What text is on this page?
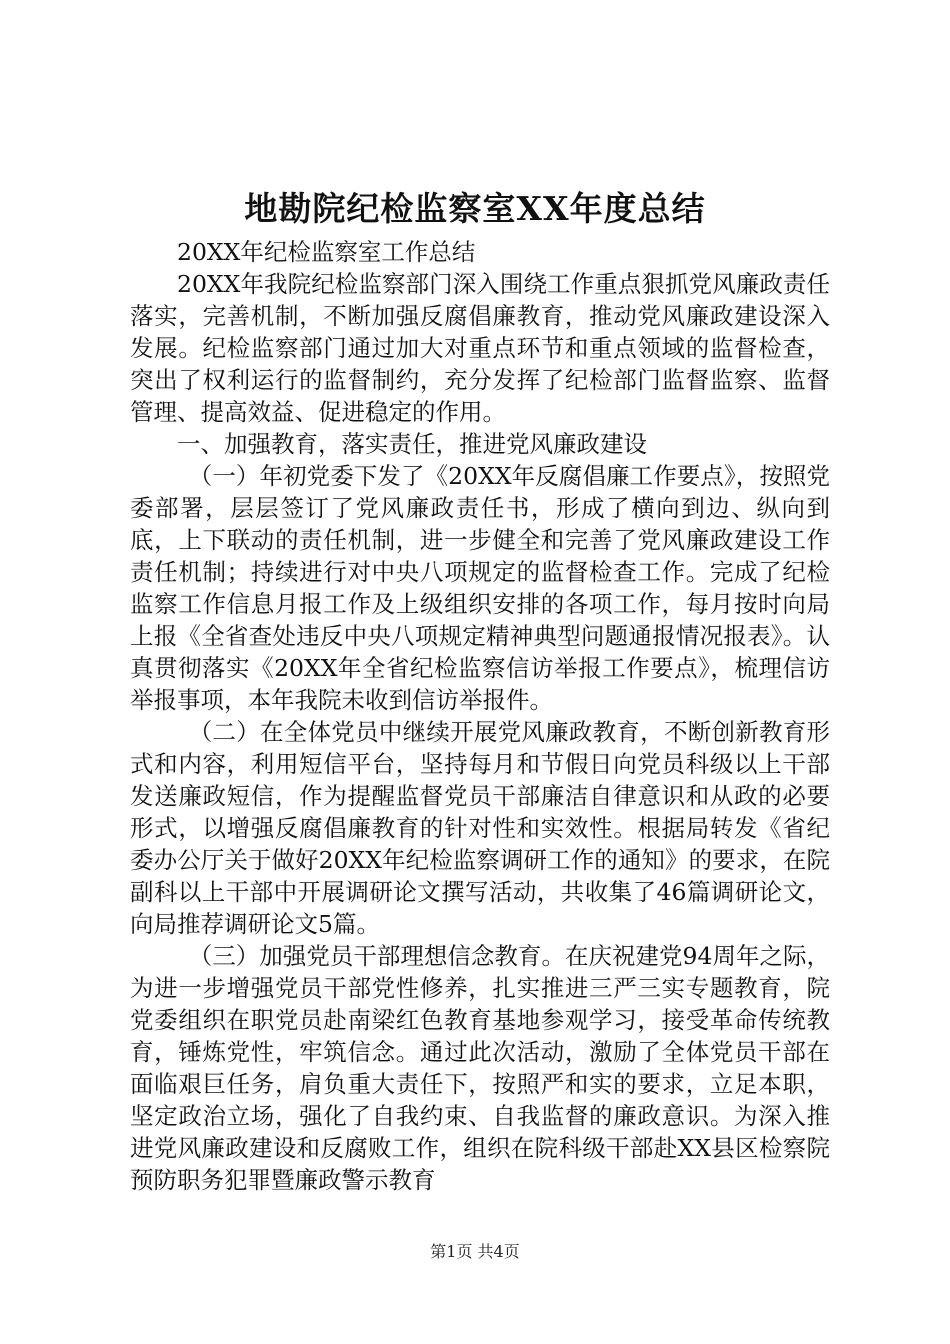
地勘院纪检监察室XX年度总结

20XX年纪检监察室工作总结

20XX年我院纪检监察部门深入围绕工作重点狠抓党风廉政责任落实，完善机制，不断加强反腐倡廉教育，推动党风廉政建设深入发展。纪检监察部门通过加大对重点环节和重点领域的监督检查，突出了权利运行的监督制约，充分发挥了纪检部门监督监察、监督管理、提高效益、促进稳定的作用。

一、加强教育，落实责任，推进党风廉政建设

（一）年初党委下发了《20XX年反腐倡廉工作要点》，按照党委部署，层层签订了党风廉政责任书，形成了横向到边、纵向到底，上下联动的责任机制，进一步健全和完善了党风廉政建设工作责任机制；持续进行对中央八项规定的监督检查工作。完成了纪检监察工作信息月报工作及上级组织安排的各项工作，每月按时向局上报《全省查处违反中央八项规定精神典型问题通报情况报表》。认真贯彻落实《20XX年全省纪检监察信访举报工作要点》，梳理信访举报事项，本年我院未收到信访举报件。

（二）在全体党员中继续开展党风廉政教育，不断创新教育形式和内容，利用短信平台，坚持每月和节假日向党员科级以上干部发送廉政短信，作为提醒监督党员干部廉洁自律意识和从政的必要形式，以增强反腐倡廉教育的针对性和实效性。根据局转发《省纪委办公厅关于做好20XX年纪检监察调研工作的通知》的要求，在院副科以上干部中开展调研论文撰写活动，共收集了46篇调研论文，向局推荐调研论文5篇。

（三）加强党员干部理想信念教育。在庆祝建党94周年之际，为进一步增强党员干部党性修养，扎实推进三严三实专题教育，院党委组织在职党员赴南梁红色教育基地参观学习，接受革命传统教育，锤炼党性，牢筑信念。通过此次活动，激励了全体党员干部在面临艰巨任务，肩负重大责任下，按照严和实的要求，立足本职，坚定政治立场，强化了自我约束、自我监督的廉政意识。为深入推进党风廉政建设和反腐败工作，组织在院科级干部赴XX县区检察院预防职务犯罪暨廉政警示教育

第1页 共4页
